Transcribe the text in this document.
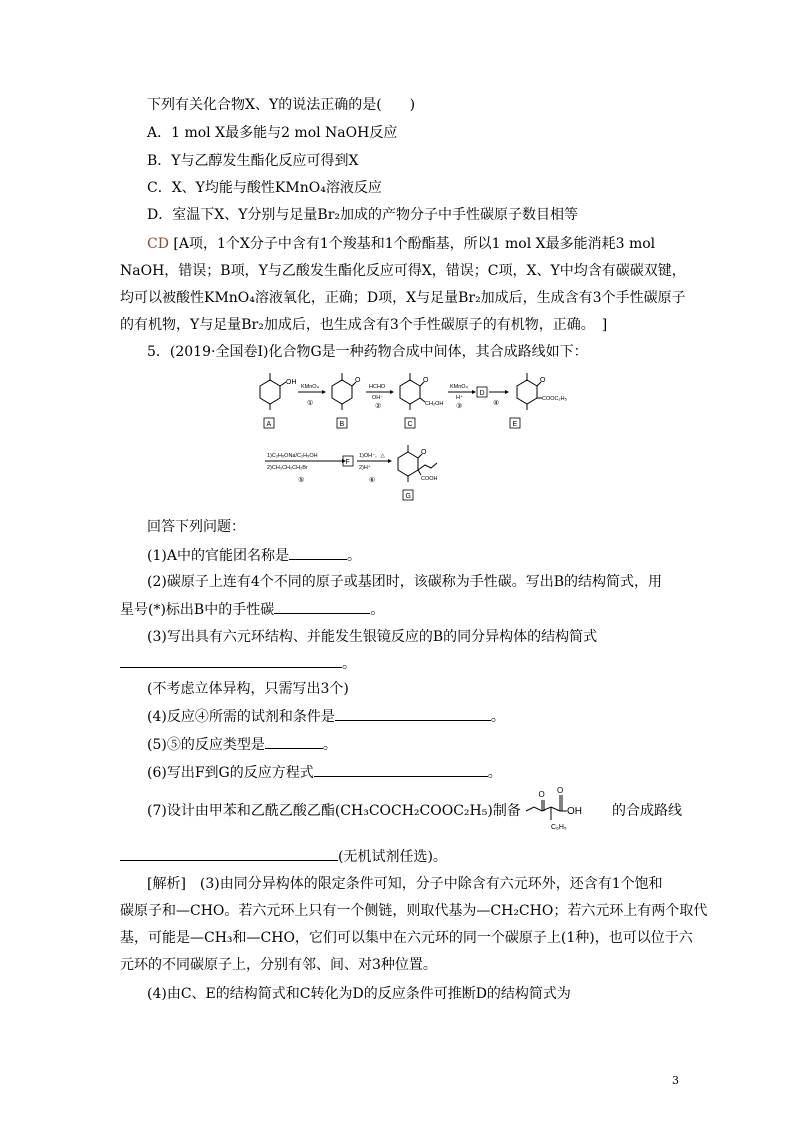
下列有关化合物X、Y的说法正确的是(　　)
A．1 mol X最多能与2 mol NaOH反应
B．Y与乙醇发生酯化反应可得到X
C．X、Y均能与酸性KMnO₄溶液反应
D．室温下X、Y分别与足量Br₂加成的产物分子中手性碳原子数目相等
CD [A项，1个X分子中含有1个羧基和1个酚酯基，所以1 mol X最多能消耗3 mol
NaOH，错误；B项，Y与乙酸发生酯化反应可得X，错误；C项，X、Y中均含有碳碳双键，
均可以被酸性KMnO₄溶液氧化，正确；D项，X与足量Br₂加成后，生成含有3个手性碳原子
的有机物，Y与足量Br₂加成后，也生成含有3个手性碳原子的有机物，正确。　]
5．(2019·全国卷Ⅰ)化合物G是一种药物合成中间体，其合成路线如下：
OH
A
KMnO₄
①
O
B
HCHO
OH⁻
②
O
CH₂OH
C
KMnO₄
H⁺
③
D
④
O
COOC₂H₅
E
1)C₂H₅ONa/C₂H₅OH
2)CH₃CH₂CH₂Br
⑤
F
1)OH⁻，△
2)H⁺
⑥
O
COOH
G
回答下列问题：
(1)A中的官能团名称是	。
(2)碳原子上连有4个不同的原子或基团时，该碳称为手性碳。写出B的结构简式，用
星号(*)标出B中的手性碳	。
(3)写出具有六元环结构、并能发生银镜反应的B的同分异构体的结构简式
。
(不考虑立体异构，只需写出3个)
(4)反应④所需的试剂和条件是	。
(5)⑤的反应类型是	。
(6)写出F到G的反应方程式	。
(7)设计由甲苯和乙酰乙酸乙酯(CH₃COCH₂COOC₂H₅)制备
O O
OH
C₆H₅
的合成路线
(无机试剂任选)。
[解析]　(3)由同分异构体的限定条件可知，分子中除含有六元环外，还含有1个饱和
碳原子和—CHO。若六元环上只有一个侧链，则取代基为—CH₂CHO；若六元环上有两个取代
基，可能是—CH₃和—CHO，它们可以集中在六元环的同一个碳原子上(1种)，也可以位于六
元环的不同碳原子上，分别有邻、间、对3种位置。
(4)由C、E的结构简式和C转化为D的反应条件可推断D的结构简式为
3
